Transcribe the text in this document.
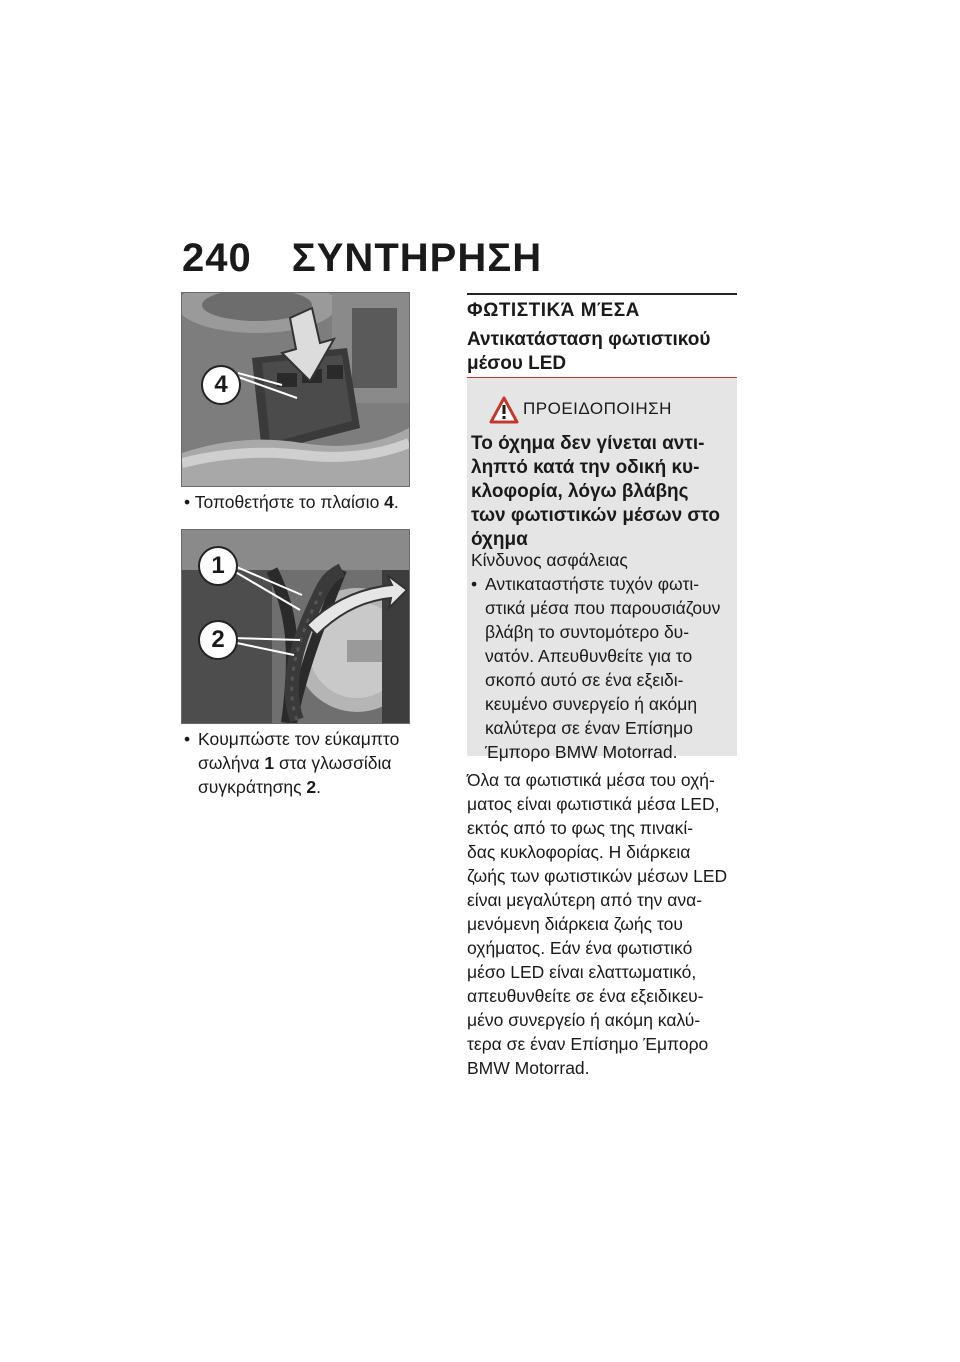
240 ΣΥΝΤΗΡΗΣΗ
4
• Τοποθετήστε το πλαίσιο 4.
1
2
• Κουμπώστε τον εύκαμπτο
σωλήνα 1 στα γλωσσίδια
συγκράτησης 2.
ΦΩΤΙΣΤΙΚΆ ΜΈΣΑ
Αντικατάσταση φωτιστικού
μέσου LED
ΠΡΟΕΙΔΟΠΟΙΗΣΗ
Το όχημα δεν γίνεται αντι-
ληπτό κατά την οδική κυ-
κλοφορία, λόγω βλάβης
των φωτιστικών μέσων στο
όχημα
Κίνδυνος ασφάλειας
• Αντικαταστήστε τυχόν φωτι-
στικά μέσα που παρουσιάζουν
βλάβη το συντομότερο δυ-
νατόν. Απευθυνθείτε για το
σκοπό αυτό σε ένα εξειδι-
κευμένο συνεργείο ή ακόμη
καλύτερα σε έναν Επίσημο
Έμπορο BMW Motorrad.
Όλα τα φωτιστικά μέσα του οχή-
ματος είναι φωτιστικά μέσα LED,
εκτός από το φως της πινακί-
δας κυκλοφορίας. Η διάρκεια
ζωής των φωτιστικών μέσων LED
είναι μεγαλύτερη από την ανα-
μενόμενη διάρκεια ζωής του
οχήματος. Εάν ένα φωτιστικό
μέσο LED είναι ελαττωματικό,
απευθυνθείτε σε ένα εξειδικευ-
μένο συνεργείο ή ακόμη καλύ-
τερα σε έναν Επίσημο Έμπορο
BMW Motorrad.
